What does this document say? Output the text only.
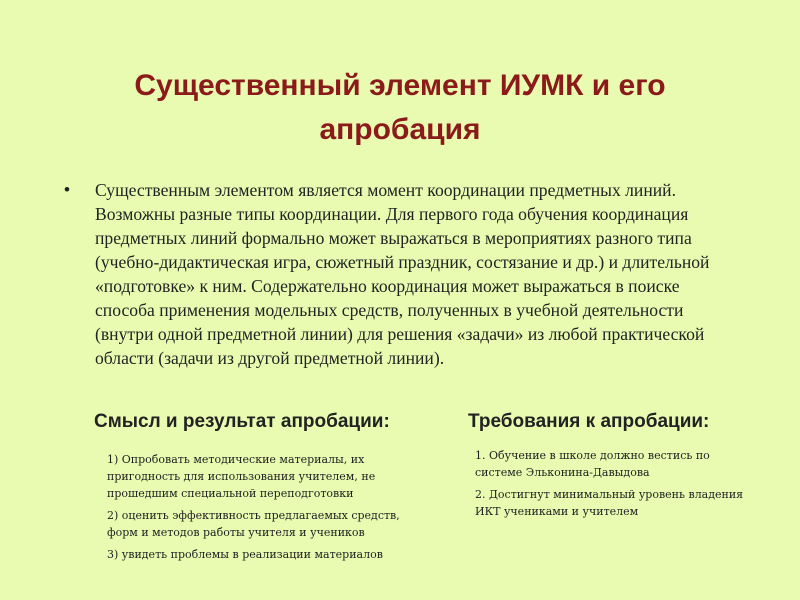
Существенный элемент ИУМК и его апробация
•	Существенным элементом является момент координации предметных линий. Возможны разные типы координации. Для первого года обучения координация предметных линий формально может выражаться в мероприятиях разного типа (учебно-дидактическая игра, сюжетный праздник, состязание и др.) и длительной «подготовке» к ним. Содержательно координация может выражаться в поиске способа применения модельных средств, полученных в учебной деятельности (внутри одной предметной линии) для решения «задачи» из любой практической области (задачи из другой предметной линии).

Смысл и результат апробации:
1) Опробовать методические материалы, их пригодность для использования учителем, не прошедшим специальной переподготовки
2) оценить эффективность предлагаемых средств, форм и методов работы учителя и учеников
3) увидеть проблемы в реализации материалов
Требования к апробации:
1. Обучение в школе должно вестись по системе Эльконина-Давыдова
2. Достигнут минимальный уровень владения ИКТ учениками и учителем
